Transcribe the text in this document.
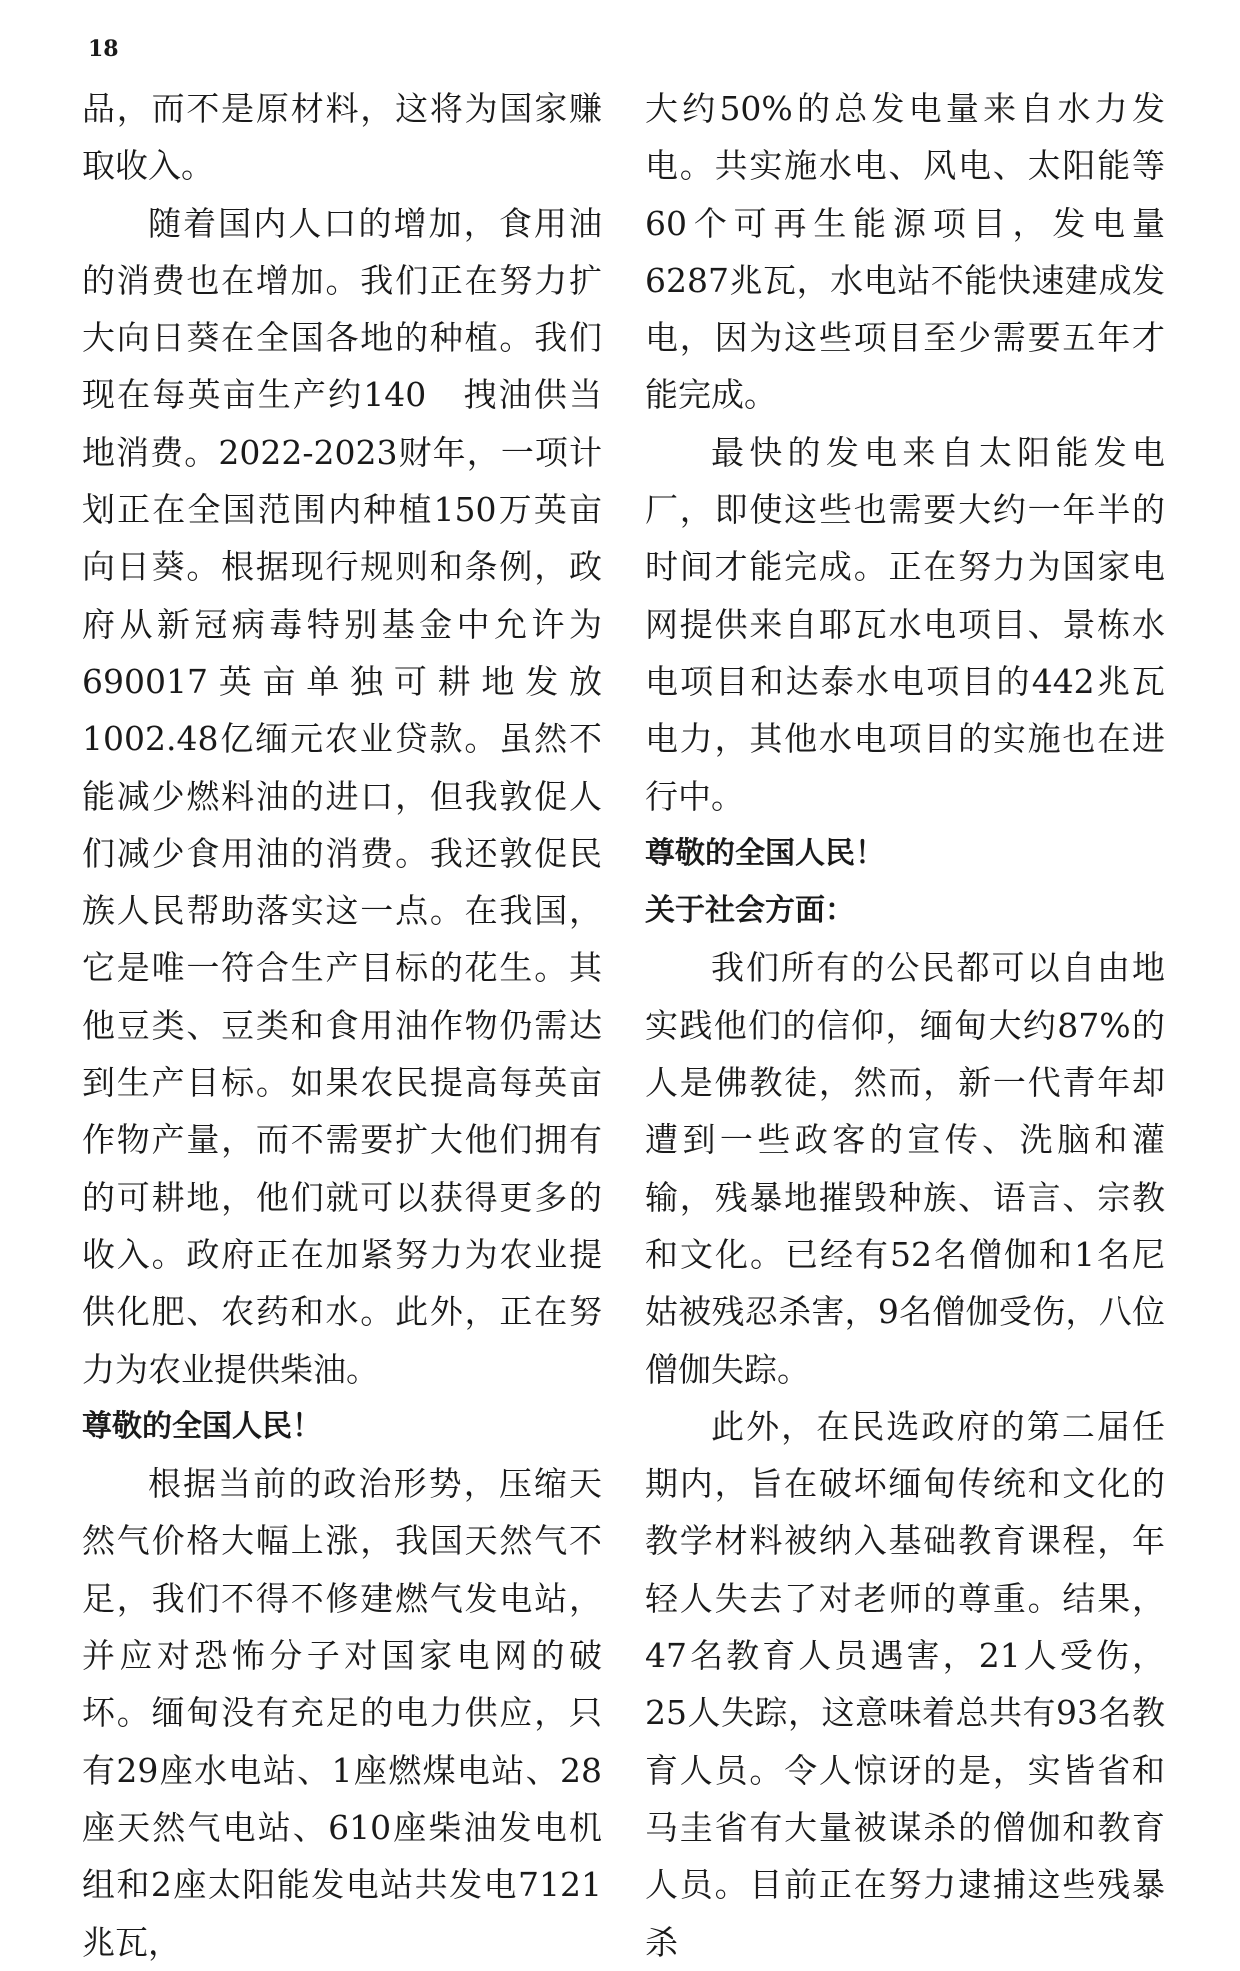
18

品，而不是原材料，这将为国家赚取收入。

随着国内人口的增加，食用油的消费也在增加。我们正在努力扩大向日葵在全国各地的种植。我们现在每英亩生产约140　拽油供当地消费。2022-2023财年，一项计划正在全国范围内种植150万英亩向日葵。根据现行规则和条例，政府从新冠病毒特别基金中允许为690017英亩单独可耕地发放1002.48亿缅元农业贷款。虽然不能减少燃料油的进口，但我敦促人们减少食用油的消费。我还敦促民族人民帮助落实这一点。在我国，它是唯一符合生产目标的花生。其他豆类、豆类和食用油作物仍需达到生产目标。如果农民提高每英亩作物产量，而不需要扩大他们拥有的可耕地，他们就可以获得更多的收入。政府正在加紧努力为农业提供化肥、农药和水。此外，正在努力为农业提供柴油。

尊敬的全国人民！

根据当前的政治形势，压缩天然气价格大幅上涨，我国天然气不足，我们不得不修建燃气发电站，并应对恐怖分子对国家电网的破坏。缅甸没有充足的电力供应，只有29座水电站、1座燃煤电站、28座天然气电站、610座柴油发电机组和2座太阳能发电站共发电7121兆瓦，

大约50%的总发电量来自水力发电。共实施水电、风电、太阳能等60个可再生能源项目，发电量6287兆瓦，水电站不能快速建成发电，因为这些项目至少需要五年才能完成。

最快的发电来自太阳能发电厂，即使这些也需要大约一年半的时间才能完成。正在努力为国家电网提供来自耶瓦水电项目、景栋水电项目和达泰水电项目的442兆瓦电力，其他水电项目的实施也在进行中。

尊敬的全国人民！

关于社会方面：

我们所有的公民都可以自由地实践他们的信仰，缅甸大约87%的人是佛教徒，然而，新一代青年却遭到一些政客的宣传、洗脑和灌输，残暴地摧毁种族、语言、宗教和文化。已经有52名僧伽和1名尼姑被残忍杀害，9名僧伽受伤，八位僧伽失踪。

此外，在民选政府的第二届任期内，旨在破坏缅甸传统和文化的教学材料被纳入基础教育课程，年轻人失去了对老师的尊重。结果，47名教育人员遇害，21人受伤，25人失踪，这意味着总共有93名教育人员。令人惊讶的是，实皆省和马圭省有大量被谋杀的僧伽和教育人员。目前正在努力逮捕这些残暴杀
